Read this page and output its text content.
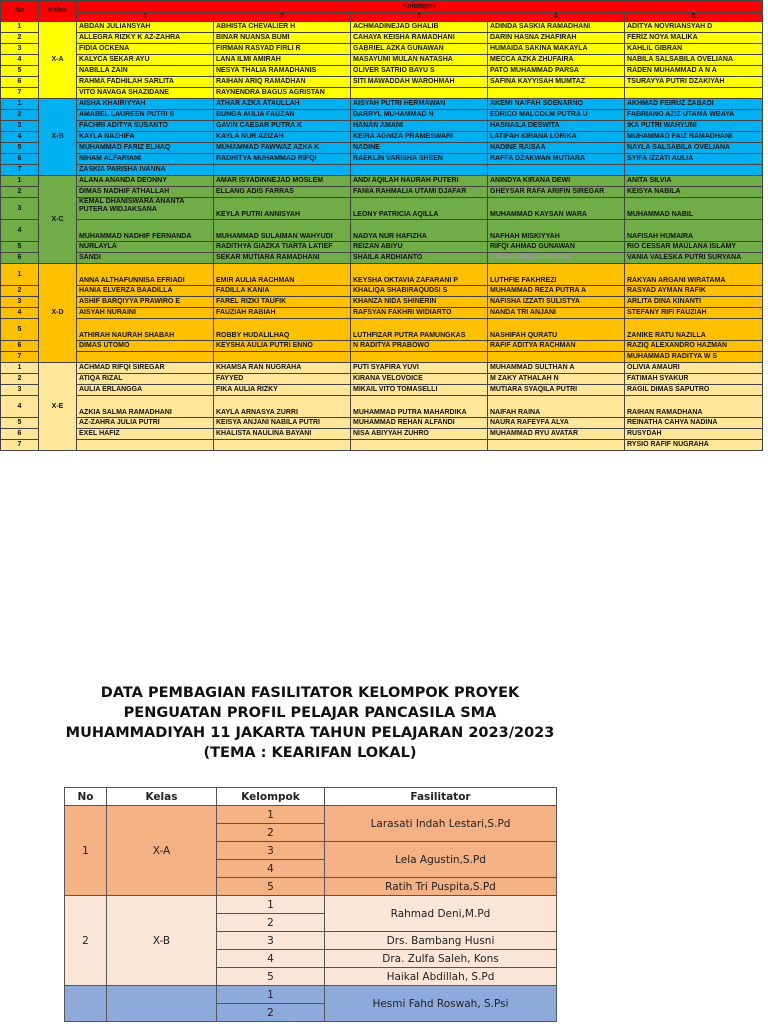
No	Kelas	Kelompok				
		1	2	3	4	5
1	X-A	ABDAN JULIANSYAH	ABHISTA CHEVALIER H	ACHMADINEJAD GHALIB	ADINDA SASKIA RAMADHANI	ADITYA NOVRIANSYAH D
2		ALLEGRA RIZKY K AZ-ZAHRA	BINAR NUANSA BUMI	CAHAYA KEISHA RAMADHANI	DARIN HASNA ZHAFIRAH	FERIZ NOYA MALIKA
3		FIDIA OCKENA	FIRMAN RASYAD FIRLI R	GABRIEL AZKA GUNAWAN	HUMAIDA SAKINA MAKAYLA	KAHLIL GIBRAN
4		KALYCA SEKAR AYU	LANA ILMI AMIRAH	MASAYUMI MULAN NATASHA	MECCA AZKA ZHUFAIRA	NABILA SALSABILA OVELIANA
5		NABILLA ZAIN	NESYA THALIA RAMADHANIS	OLIVER SATRIO BAYU S	PATO MUHAMMAD PARSA	RADEN MUHAMMAD A N A
6		RAHMA FADHILAH SARLITA	RAIHAN ARIQ RAMADHAN	SITI MAWADDAH WAROHMAH	SAFINA KAYYISAH MUMTAZ	TSURAYYA PUTRI DZAKIYAH
7		VITO NAVAGA SHAZIDANE	RAYNENDRA BAGUS AGRISTAN			
1	X-B	AISHA KHAIRIYYAH	ATHAR AZKA ATAULLAH	AISYAH PUTRI HERMAWAN	AKEMI NAIFAH SOENARNO	AKHMAD FEIRUZ ZABADI
2		AMABEL LAUREEN PUTRI S	BUNGA AULIA FAUZAN	DARRYL MUHAMMAD N	EDRICO MALCOLM PUTRA U	FABRIANO AZIZ UTAMA WBAYA
3		FACHRI ADITYA SUSANTO	GAVIN CAESAR PUTRA K	HANAN AMANI	HASNAILA DESWITA	IKA PUTRI WAHYUNI
4		KAYLA NAZHIFA	KAYLA NUR AZIZAH	KEIRA AGNIZA PRAMESWARI	LATIFAH KIRANA LORIKA	MUHAMMAD FAIZ RAMADHANI
5		MUHAMMAD FARIZ ELHAQ	MUHAMMAD FAWWAZ AZKA K	NADINE	NADINE RAISAA	NAYLA SALSABILA OVELIANA
6		NIHAM ALFARIANI	RADHITYA MUHAMMAD RIFQI	RAEKLIN VARISHA SHEEN	RAFFA DZAKWAN MUTIARA	SYIFA IZZATI AULIA
7		ZASKIA PARISHA IVANNA				
1	X-C	ALANA ANANDA DEONNY	AMAR ISYADINNEJAD MOSLEM	ANDI AQILAH NAURAH PUTERI	ANINDYA KIRANA DEWI	ANITA SILVIA
2		DIMAS NADHIF ATHALLAH	ELLANG ADIS FARRAS	FANIA RAHMALIA UTAMI DJAFAR	GHEYSAR RAFA ARIFIN SIREGAR	KEISYA NABILA
3		KEMAL DHANISWARA ANANTA PUTERA WIDJAKSANA	KEYLA PUTRI ANNISYAH	LEONY PATRICIA AQILLA	MUHAMMAD KAYSAN WARA	MUHAMMAD NABIL
4		MUHAMMAD NADHIF FERNANDA	MUHAMMAD SULAIMAN WAHYUDI	NADYA NUR HAFIZHA	NAFHAH MISKIYYAH	NAFISAH HUMAIRA
5		NURLAYLA	RADITHYA GIAZKA TIARTA LATIEF	REIZAN ABIYU	RIFQI AHMAD GUNAWAN	RIO CESSAR MAULANA ISLAMY
6		SANDI	SEKAR MUTIARA RAMADHANI	SHAILA ARDHIANTO	SYAFA AMELIA MISKINA	VANIA VALESKA PUTRI SURYANA
1	X-D	ANNA ALTHAFUNNISA EFRIADI	EMIR AULIA RACHMAN	KEYSHA OKTAVIA ZAFARANI P	LUTHFIE FAKHREZI	RAKYAN ARGANI WIRATAMA
2		HANIA ELVERZA BAADILLA	FADILLA KANIA	KHALIQA SHABIRAQUDSI S	MUHAMMAD REZA PUTRA A	RASYAD AYMAN RAFIK
3		ASHIF BARQIYYA PRAWIRO E	FAREL RIZKI TAUFIK	KHANZA NIDA SHINERIN	NAFISHA IZZATI SULISTYA	ARLITA DINA KINANTI
4		AISYAH NURAINI	FAUZIAH RABIAH	RAFSYAN FAKHRI WIDIARTO	NANDA TRI ANJANI	STEFANY RIFI FAUZIAH
5		ATHIRAH NAURAH SHABAH	ROBBY HUDALILHAQ	LUTHFIZAR PUTRA PAMUNGKAS	NASHIFAH QURATU	ZANIKE RATU NAZILLA
6		DIMAS UTOMO	KEYSHA AULIA PUTRI ENNO	N RADITYA PRABOWO	RAFIF ADITYA RACHMAN	RAZIQ ALEXANDRO HAZMAN
7						MUHAMMAD RADITYA W S
1	X-E	ACHMAD RIFQI SIREGAR	KHAMSA RAN NUGRAHA	PUTI SYAFIRA YUVI	MUHAMMAD SULTHAN A	OLIVIA AMAURI
2		ATIQA RIZAL	FAYYED	KIRANA VELOVOICE	M ZAKY ATHALAH N	FATIMAH SYAKUR
3		AULIA ERLANGGA	FIKA AULIA RIZKY	MIKAIL VITO TOMASELLI	MUTIARA SYAQILA PUTRI	RAGIL DIMAS SAPUTRO
4		AZKIA SALMA RAMADHANI	KAYLA ARNASYA ZURRI	MUHAMMAD PUTRA MAHARDIKA	NAIFAH RAINA	RAIHAN RAMADHANA
5		AZ-ZAHRA JULIA PUTRI	KEISYA ANJANI NABILA PUTRI	MUHAMMAD REHAN ALFANDI	NAURA RAFEYFA ALYA	REINATHA CAHYA NADINA
6		EXEL HAFIZ	KHALISTA NAULINA BAYANI	NISA ABIYYAH ZUHRO	MUHAMMAD RYU AVATAR	RUSYDAH
7						RYSIO RAFIF NUGRAHA
DATA PEMBAGIAN FASILITATOR KELOMPOK PROYEK PENGUATAN PROFIL PELAJAR PANCASILA SMA MUHAMMADIYAH 11 JAKARTA TAHUN PELAJARAN 2023/2023 (TEMA : KEARIFAN LOKAL)
No	Kelas	Kelompok	Fasilitator
1	X-A	1	Larasati Indah Lestari,S.Pd
		2	
		3	Lela Agustin,S.Pd
		4	
		5	Ratih Tri Puspita,S.Pd
2	X-B	1	Rahmad Deni,M.Pd
		2	
		3	Drs. Bambang Husni
		4	Dra. Zulfa Saleh, Kons
		5	Haikal Abdillah, S.Pd
		1	Hesmi Fahd Roswah, S.Psi
		2	
